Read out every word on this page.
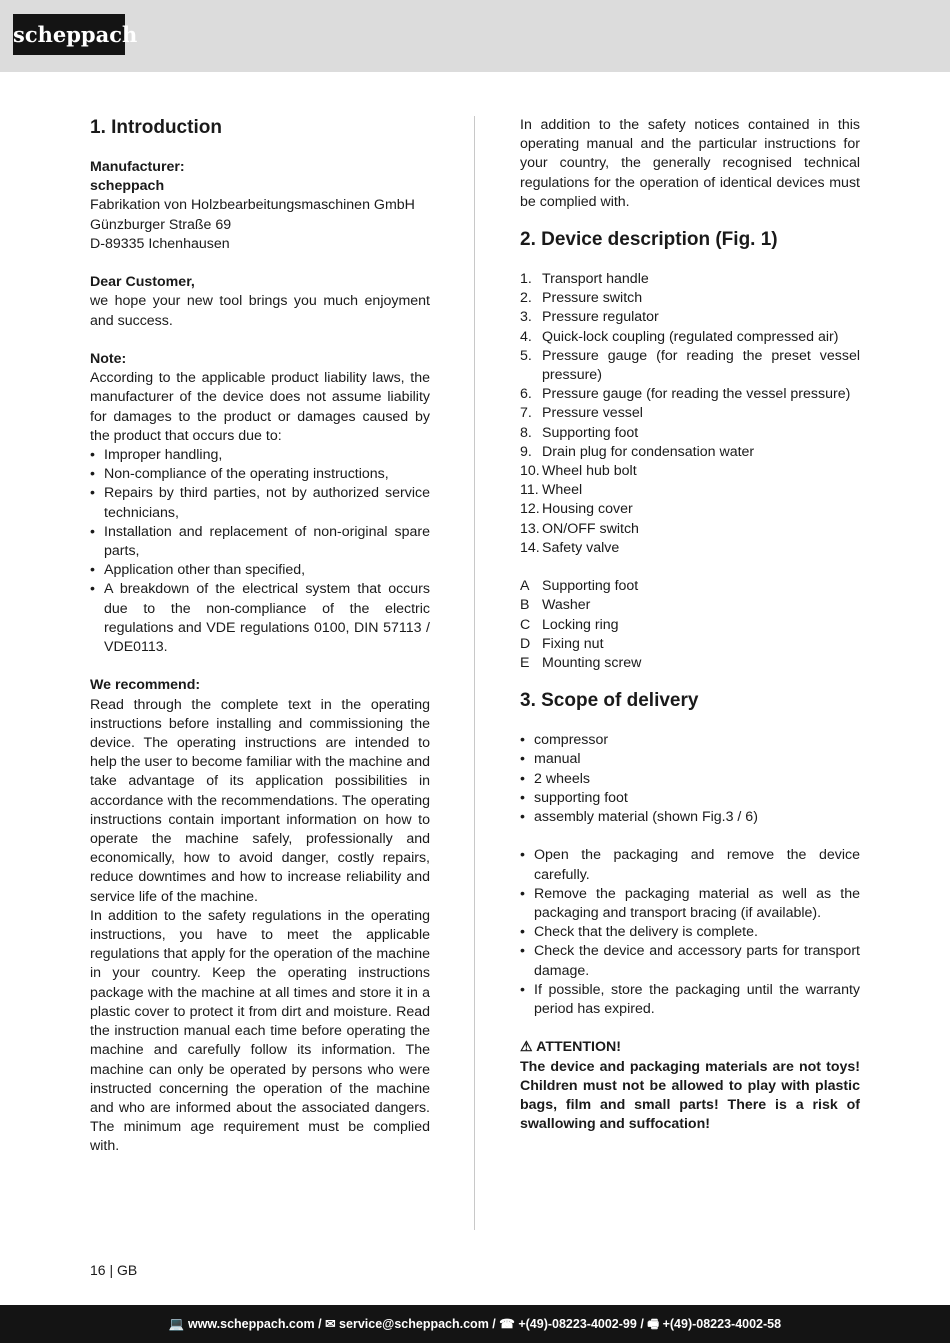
scheppach
1. Introduction
Manufacturer:
scheppach
Fabrikation von Holzbearbeitungsmaschinen GmbH
Günzburger Straße 69
D-89335 Ichenhausen
Dear Customer,

we hope your new tool brings you much enjoyment and success.

Note:

According to the applicable product liability laws, the manufacturer of the device does not assume liability for damages to the product or damages caused by the product that occurs due to:

• Improper handling,
• Non-compliance of the operating instructions,
• Repairs by third parties, not by authorized service technicians,
• Installation and replacement of non-original spare parts,
• Application other than specified,
• A breakdown of the electrical system that occurs due to the non-compliance of the electric regulations and VDE regulations 0100, DIN 57113 / VDE0113.
We recommend:

Read through the complete text in the operating instructions before installing and commissioning the device. The operating instructions are intended to help the user to become familiar with the machine and take advantage of its application possibilities in accordance with the recommendations. The operating instructions contain important information on how to operate the machine safely, professionally and economically, how to avoid danger, costly repairs, reduce downtimes and how to increase reliability and service life of the machine.

In addition to the safety regulations in the operating instructions, you have to meet the applicable regulations that apply for the operation of the machine in your country. Keep the operating instructions package with the machine at all times and store it in a plastic cover to protect it from dirt and moisture. Read the instruction manual each time before operating the machine and carefully follow its information. The machine can only be operated by persons who were instructed concerning the operation of the machine and who are informed about the associated dangers. The minimum age requirement must be complied with.

In addition to the safety notices contained in this operating manual and the particular instructions for your country, the generally recognised technical regulations for the operation of identical devices must be complied with.

2. Device description (Fig. 1)
1. Transport handle
2. Pressure switch
3. Pressure regulator
4. Quick-lock coupling (regulated compressed air)
5. Pressure gauge (for reading the preset vessel pressure)
6. Pressure gauge (for reading the vessel pressure)
7. Pressure vessel
8. Supporting foot
9. Drain plug for condensation water
10. Wheel hub bolt
11. Wheel
12. Housing cover
13. ON/OFF switch
14. Safety valve
A Supporting foot
B Washer
C Locking ring
D Fixing nut
E Mounting screw
3. Scope of delivery
• compressor
• manual
• 2 wheels
• supporting foot
• assembly material (shown Fig.3 / 6)
• Open the packaging and remove the device carefully.
• Remove the packaging material as well as the packaging and transport bracing (if available).
• Check that the delivery is complete.
• Check the device and accessory parts for transport damage.
• If possible, store the packaging until the warranty period has expired.
⚠ ATTENTION!

The device and packaging materials are not toys! Children must not be allowed to play with plastic bags, film and small parts! There is a risk of swallowing and suffocation!

16 | GB
💻 www.scheppach.com / ✉ service@scheppach.com / ☎ +(49)-08223-4002-99 / 🖷 +(49)-08223-4002-58
